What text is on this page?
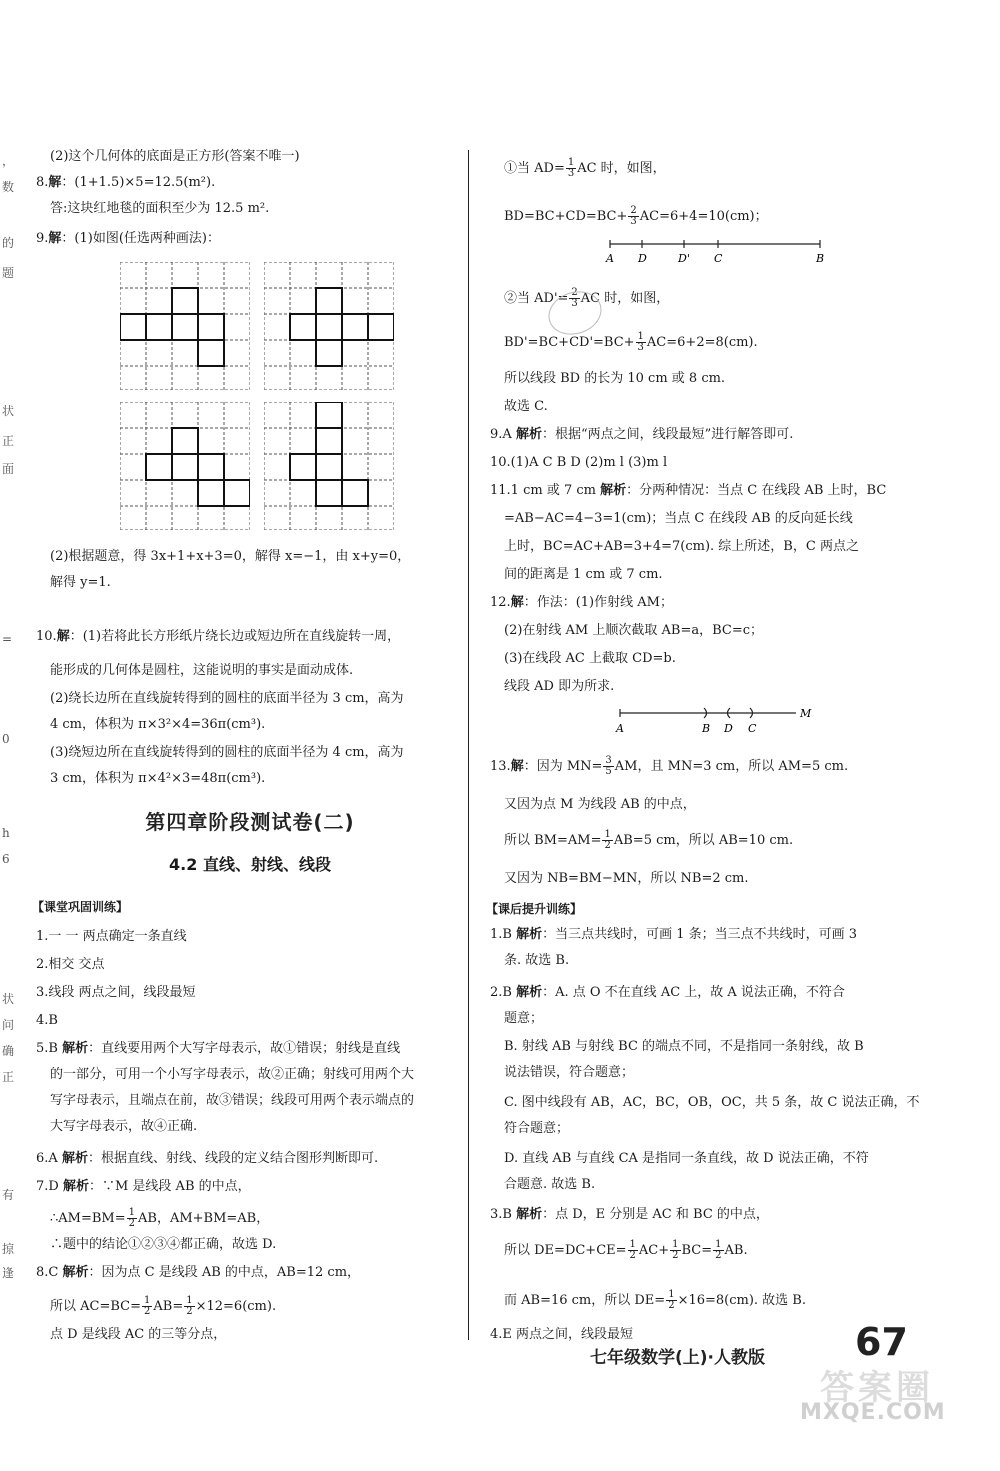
，
数
的
题
状
正
面
=
0
h
6
状
问
确
正
有
掠
逢
(2)这个几何体的底面是正方形(答案不唯一)
8.解：(1+1.5)×5=12.5(m²).
答:这块红地毯的面积至少为 12.5 m².
9.解：(1)如图(任选两种画法)：
(2)根据题意，得 3x+1+x+3=0，解得 x=−1，由 x+y=0，
解得 y=1.
10.解：(1)若将此长方形纸片绕长边或短边所在直线旋转一周，
能形成的几何体是圆柱，这能说明的事实是面动成体.
(2)绕长边所在直线旋转得到的圆柱的底面半径为 3 cm，高为
4 cm，体积为 π×3²×4=36π(cm³).
(3)绕短边所在直线旋转得到的圆柱的底面半径为 4 cm，高为
3 cm，体积为 π×4²×3=48π(cm³).
第四章阶段测试卷(二)
4.2 直线、射线、线段
【课堂巩固训练】
1.一 一 两点确定一条直线
2.相交 交点
3.线段 两点之间，线段最短
4.B
5.B 解析：直线要用两个大写字母表示，故①错误；射线是直线
的一部分，可用一个小写字母表示，故②正确；射线可用两个大
写字母表示，且端点在前，故③错误；线段可用两个表示端点的
大写字母表示，故④正确.
6.A 解析：根据直线、射线、线段的定义结合图形判断即可.
7.D 解析：∵M 是线段 AB 的中点，
∴AM=BM= $\frac{1}{2}$ AB，AM+BM=AB，
∴题中的结论①②③④都正确，故选 D.
8.C 解析：因为点 C 是线段 AB 的中点，AB=12 cm，
所以 $AC=BC= \frac{1}{2} AB= \frac{1}{2} \times 12=6(cm)$.
点 D 是线段 AC 的三等分点，
①当 $AD= \frac{1}{3}$ AC 时，如图，
$BD=BC+CD=BC+ \frac{2}{3} AC=6+4=10(cm)$；
A D	D' C	B
②当 $AD'= \frac{2}{3}$ AC 时，如图，
$BD'=BC+CD'=BC+ \frac{1}{3} AC=6+2=8(cm)$.
所以线段 BD 的长为 10 cm 或 8 cm.
故选 C.
9.A 解析：根据“两点之间，线段最短”进行解答即可.
10.(1)A C B D (2)m l (3)m l
11.1 cm 或 7 cm 解析：分两种情况：当点 C 在线段 AB 上时，BC
=AB−AC=4−3=1(cm)；当点 C 在线段 AB 的反向延长线
上时，BC=AC+AB=3+4=7(cm). 综上所述，B，C 两点之
间的距离是 1 cm 或 7 cm.
12.解：作法：(1)作射线 AM；
(2)在射线 AM 上顺次截取 AB=a，BC=c；
(3)在线段 AC 上截取 CD=b.
线段 AD 即为所求.
A	B D C
M
13.解：因为 $MN= \frac{3}{5}$ AM，且 MN=3 cm，所以 AM=5 cm.
又因为点 M 为线段 AB 的中点，
所以 $BM=AM= \frac{1}{2} AB=5$ cm，所以 AB=10 cm.
又因为 NB=BM−MN，所以 NB=2 cm.
【课后提升训练】
1.B 解析：当三点共线时，可画 1 条；当三点不共线时，可画 3
条. 故选 B.
2.B 解析：A. 点 O 不在直线 AC 上，故 A 说法正确，不符合
题意；
B. 射线 AB 与射线 BC 的端点不同，不是指同一条射线，故 B
说法错误，符合题意；
C. 图中线段有 AB，AC，BC，OB，OC，共 5 条，故 C 说法正确，不
符合题意；
D. 直线 AB 与直线 CA 是指同一条直线，故 D 说法正确，不符
合题意. 故选 B.
3.B 解析：点 D，E 分别是 AC 和 BC 的中点，
所以 $DE=DC+CE= \frac{1}{2} AC+ \frac{1}{2} BC= \frac{1}{2}$ AB.
而 AB=16 cm，所以 $DE= \frac{1}{2} \times 16=8(cm)$. 故选 B.
4.E 两点之间，线段最短
七年级数学(上)·人教版 67
答案圈
MXQE.COM
